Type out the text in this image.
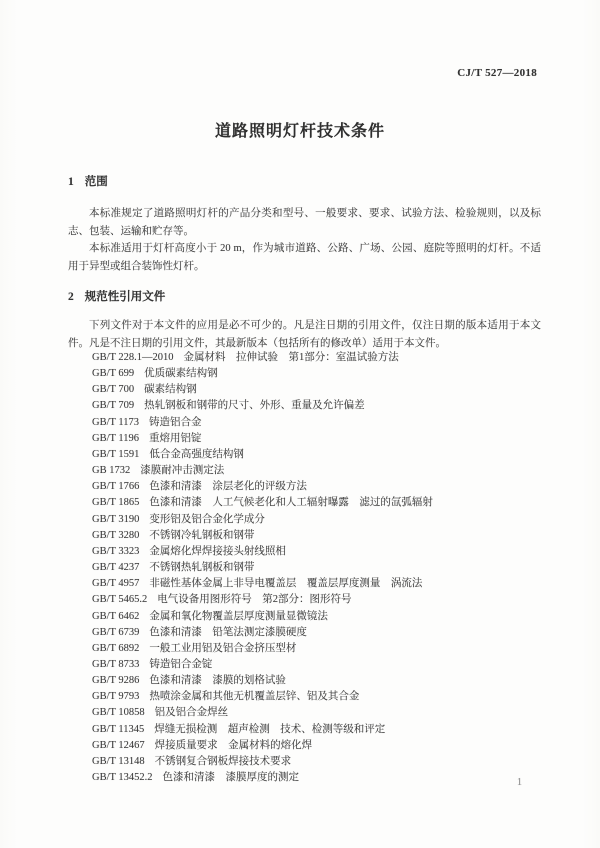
CJ/T 527—2018
道路照明灯杆技术条件
1 范围

本标准规定了道路照明灯杆的产品分类和型号、一般要求、要求、试验方法、检验规则，以及标志、包装、运输和贮存等。

本标准适用于灯杆高度小于 20 m，作为城市道路、公路、广场、公园、庭院等照明的灯杆。不适用于异型或组合装饰性灯杆。

2 规范性引用文件

下列文件对于本文件的应用是必不可少的。凡是注日期的引用文件，仅注日期的版本适用于本文件。凡是不注日期的引用文件，其最新版本（包括所有的修改单）适用于本文件。

GB/T 228.1—2010 金属材料　拉伸试验　第1部分：室温试验方法
GB/T 699 优质碳素结构钢
GB/T 700 碳素结构钢
GB/T 709 热轧钢板和钢带的尺寸、外形、重量及允许偏差
GB/T 1173 铸造铝合金
GB/T 1196 重熔用铝锭
GB/T 1591 低合金高强度结构钢
GB 1732 漆膜耐冲击测定法
GB/T 1766 色漆和清漆　涂层老化的评级方法
GB/T 1865 色漆和清漆　人工气候老化和人工辐射曝露　滤过的氙弧辐射
GB/T 3190 变形铝及铝合金化学成分
GB/T 3280 不锈钢冷轧钢板和钢带
GB/T 3323 金属熔化焊焊接接头射线照相
GB/T 4237 不锈钢热轧钢板和钢带
GB/T 4957 非磁性基体金属上非导电覆盖层　覆盖层厚度测量　涡流法
GB/T 5465.2 电气设备用图形符号　第2部分：图形符号
GB/T 6462 金属和氧化物覆盖层厚度测量显微镜法
GB/T 6739 色漆和清漆　铅笔法测定漆膜硬度
GB/T 6892 一般工业用铝及铝合金挤压型材
GB/T 8733 铸造铝合金锭
GB/T 9286 色漆和清漆　漆膜的划格试验
GB/T 9793 热喷涂金属和其他无机覆盖层锌、铝及其合金
GB/T 10858 铝及铝合金焊丝
GB/T 11345 焊缝无损检测　超声检测　技术、检测等级和评定
GB/T 12467 焊接质量要求　金属材料的熔化焊
GB/T 13148 不锈钢复合钢板焊接技术要求
GB/T 13452.2 色漆和清漆　漆膜厚度的测定	1
